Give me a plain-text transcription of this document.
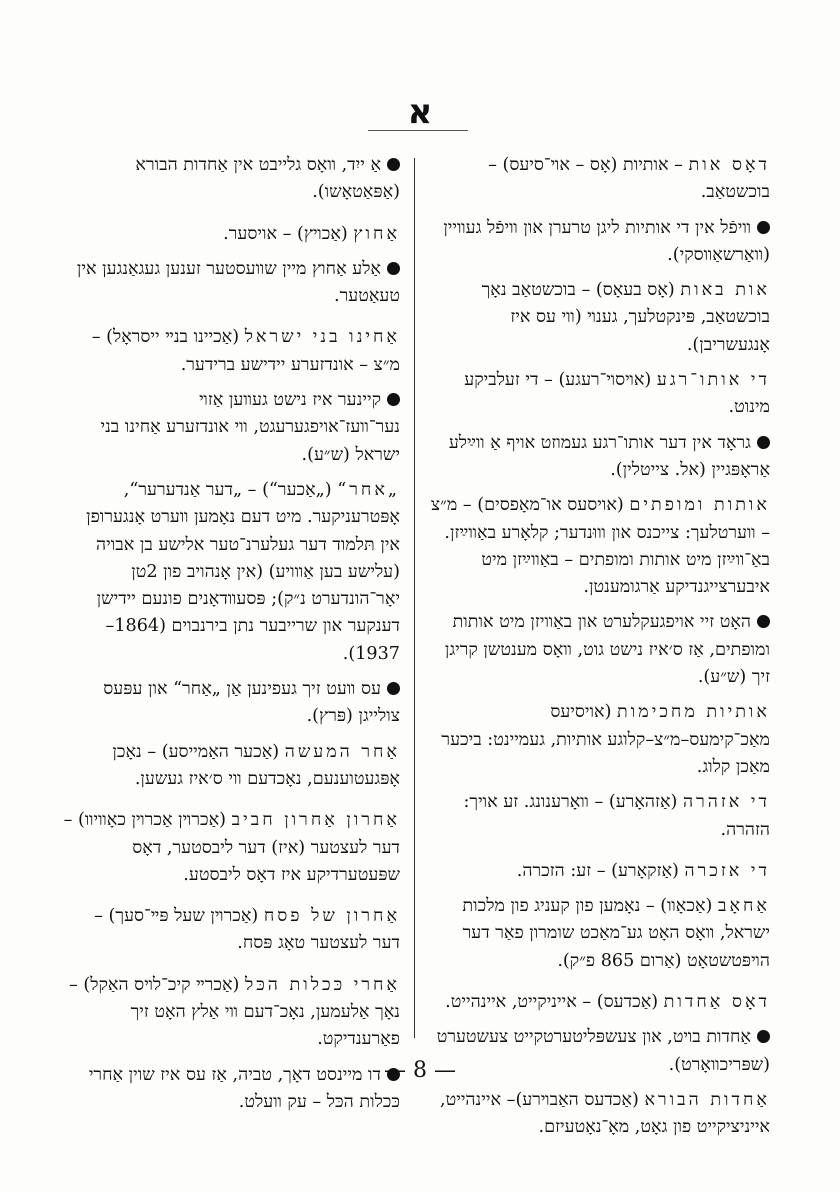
א
דאָס אות – אותיות (אָס – אױ־סיעס) – בוכשטאַב.
װיפֿל אין די אותיות ליגן טרערן און װיפֿל געװיין (װאַרשאַװסקי).
אות באות (אָס בעאָס) – בוכשטאַב נאָך בוכשטאַב, פּינקטלעך, גענױ (װי עס איז אָנגעשריבן).
די אותו־רגע (אױסױ־רעגע) – די זעלביקע מינוט.
גראָד אין דער אותו־רגע געמוזט אויף אַ װײַלע אַראָפּגיין (אל. צייטלין).
אותות ומופתים (אויסעס או־מאָפסים) – מ״צ – װערטלעך: צייכנס און װוּנדער; קלאָרע באַװײַזן. באַ־װײַזן מיט אותות ומופתים – באַװײַזן מיט איבערצייגנדיקע אַרגומענטן.
האָט זיי אויפגעקלערט און באַװיזן מיט אותות ומופתים, אַז ס׳איז נישט גוט, װאָס מענטשן קריגן זיך (ש״ע).
אותיות מחכימות (אויסיעס מאַכ־קימעס–מ״צ–קלוגע אותיות, געמיינט: ביכער מאַכן קלוג.
די אזהרה (אַזהאָרע) – װאָרענונג. זע אויך: הזהרה.
די אזכרה (אַזקאָרע) – זע: הזכרה.
אַחאָב (אַכאָװ) – נאָמען פון קעניג פון מלכות ישראל, װאָס האָט גע־מאַכט שומרון פאַר דער הױפּטשטאָט (אַרום 865 פ״ק).
דאָס אַחדות (אַכדעס) – אייניקייט, איינהייט.
אַחדות בױט, און צעשפּליטערטקייט צעשטערט (שפּריכװאָרט).
אַחדות הבורא (אַכדעס האַבױרע)– איינהייט, אייניציקייט פון גאָט, מאָ־נאָטעיזם.
אַ ייִד, װאָס גלייבט אין אַחדות הבורא (אַפּאַטאָשו).
אַחוץ (אַכױץ) – אויסער.
אַלע אַחוץ מיין שװעסטער זענען געגאַנגען אין טעאַטער.
אַחינו בני ישראל (אַכיינו בנײ ייסראָל) – מ״צ – אונדזערע יידישע ברידער.
קיינער איז נישט געװען אַזױ נער־װעז־אויפגערעגט, װי אונדזערע אַחינו בני ישראל (ש״ע).
„אחר“ („אַכער“) – „דער אַנדערער“, אָפּטרעניקער. מיט דעם נאָמען װערט אָנגערופן אין תּלמוד דער געלערנ־טער אלישע בן אבויה (עלישע בען אַװויע) (אין אָנהויב פון 2טן יאָר־הונדערט נ״ק); פּסעװדאָנים פונעם יידישן דענקער און שרייבער נתן בירנבוים (1864–1937).
עס װעט זיך געפינען אַן „אַחר“ און עפּעס צולייגן (פּרץ).
אַחר המעשה (אַכער האַמייסע) – נאָכן אָפּגעטוענעם, נאָכדעם װי ס׳איז געשען.
אַחרון אַחרון חביב (אַכרױן אַכרױן כאָװיװ) – דער לעצטער (איז) דער ליבסטער, דאָס שפּעטערדיקע איז דאָס ליבסטע.
אַחרון של פסח (אַכרױן שעל פּײ־סעך) – דער לעצטער טאָג פּסח.
אַחרי כּכלות הכּל (אַכרײ קיכ־לױס האַקל) – נאָך אַלעמען, נאָכ־דעם װי אַלץ האָט זיך פאַרענדיקט.
דו מיינסט דאָך, טביה, אַז עס איז שוין אַחרי כּכלות הכּל – עק װעלט.
— 8 —
